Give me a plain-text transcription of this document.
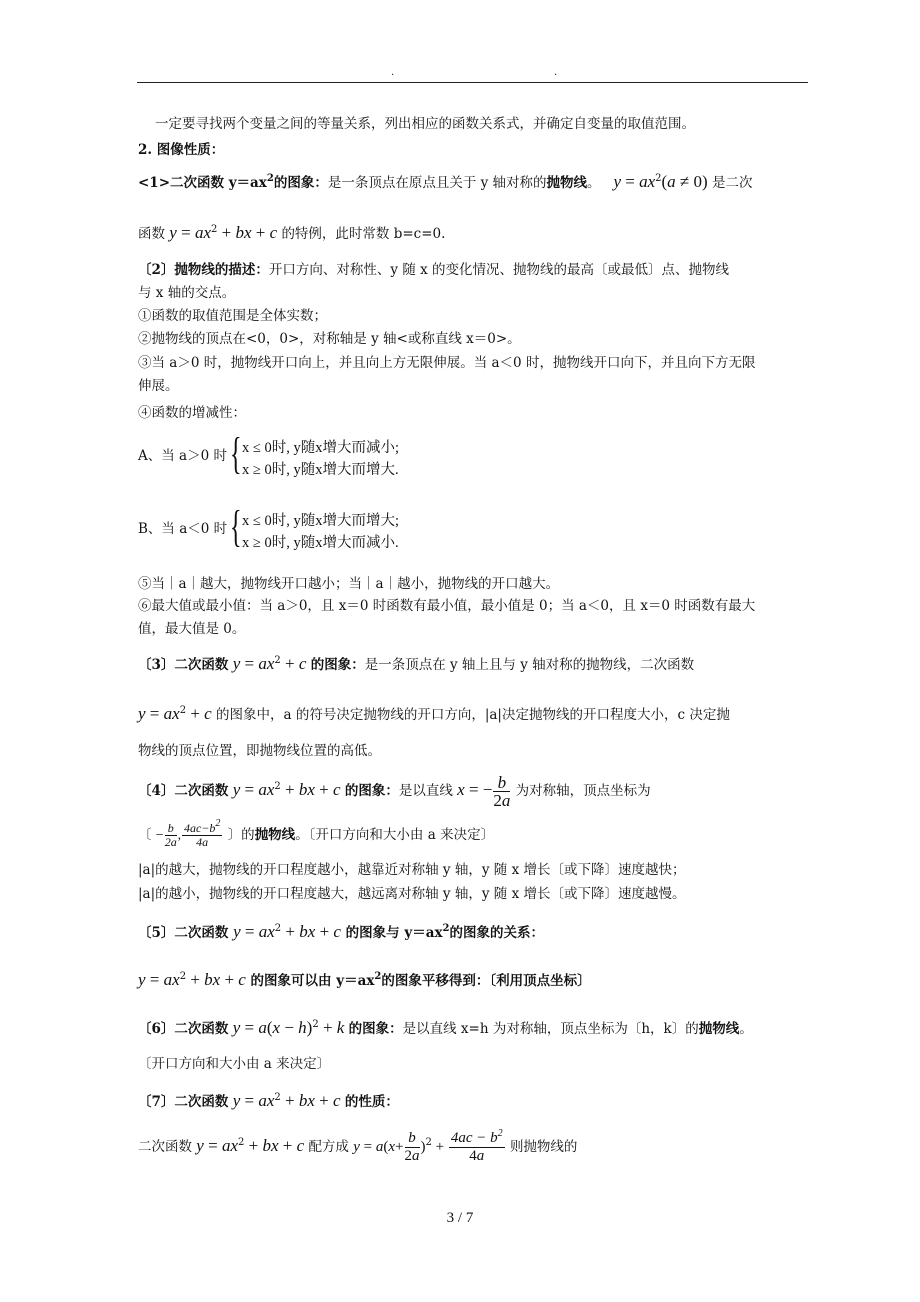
.	.
一定要寻找两个变量之间的等量关系，列出相应的函数关系式，并确定自变量的取值范围。
2. 图像性质：
<1>二次函数 $y=ax^2$的图象：是一条顶点在原点且关于 y 轴对称的抛物线。 $y = ax^2(a \ne 0)$ 是二次
函数 $y = ax^2$ + bx + c 的特例，此时常数 b=c=0.
〔2〕抛物线的描述：开口方向、对称性、y 随 x 的变化情况、抛物线的最高〔或最低〕点、抛物线
与 x 轴的交点。
①函数的取值范围是全体实数；
②抛物线的顶点在<0，0>，对称轴是 y 轴<或称直线 x＝0>。
③当 a＞0 时，抛物线开口向上，并且向上方无限伸展。当 a＜0 时，抛物线开口向下，并且向下方无限
伸展。
④函数的增减性：
A、当 a＞0 时 { x ≤ 0时, y随x增大而减小;
x ≥ 0时, y随x增大而增大.
B、当 a＜0 时 { x ≤ 0时, y随x增大而增大;
x ≥ 0时, y随x增大而减小.
⑤当｜a｜越大，抛物线开口越小；当｜a｜越小，抛物线的开口越大。
⑥最大值或最小值：当 a＞0，且 x＝0 时函数有最小值，最小值是 0；当 a＜0，且 x＝0 时函数有最大
值，最大值是 0。
〔3〕二次函数 $y = ax^2 + c$ 的图象：是一条顶点在 y 轴上且与 y 轴对称的抛物线，二次函数
$y = ax^2 + c$ 的图象中，a 的符号决定抛物线的开口方向，|a|决定抛物线的开口程度大小，c 决定抛
物线的顶点位置，即抛物线位置的高低。
〔4〕二次函数 $y = ax^2$ + bx + c 的图象：是以直线 x = − $\frac{b}{2a}$ 为对称轴，顶点坐标为
〔 − $\frac{b}{2a}$ , $\frac{4ac-b^2}{4a}$ 〕的抛物线。〔开口方向和大小由 a 来决定〕
|a|的越大，抛物线的开口程度越小，越靠近对称轴 y 轴，y 随 x 增长〔或下降〕速度越快；
|a|的越小，抛物线的开口程度越大，越远离对称轴 y 轴，y 随 x 增长〔或下降〕速度越慢。
〔5〕二次函数 $y = ax^2$ + bx + c 的图象与 $y=ax^2$的图象的关系：
$y = ax^2$ + bx + c 的图象可以由 $y=ax^2$的图象平移得到：〔利用顶点坐标〕
〔6〕二次函数 $y = a(x - h)^2 + k$ 的图象：是以直线 x=h 为对称轴，顶点坐标为〔h，k〕的抛物线。
〔开口方向和大小由 a 来决定〕
〔7〕二次函数 $y = ax^2$ + bx + c 的性质：
二次函数 $y = ax^2$ + bx + c 配方成 $y = a(x+ \frac{b}{2a} )^2 + \frac{4ac - b^2}{4a}$ 则抛物线的
3 / 7
